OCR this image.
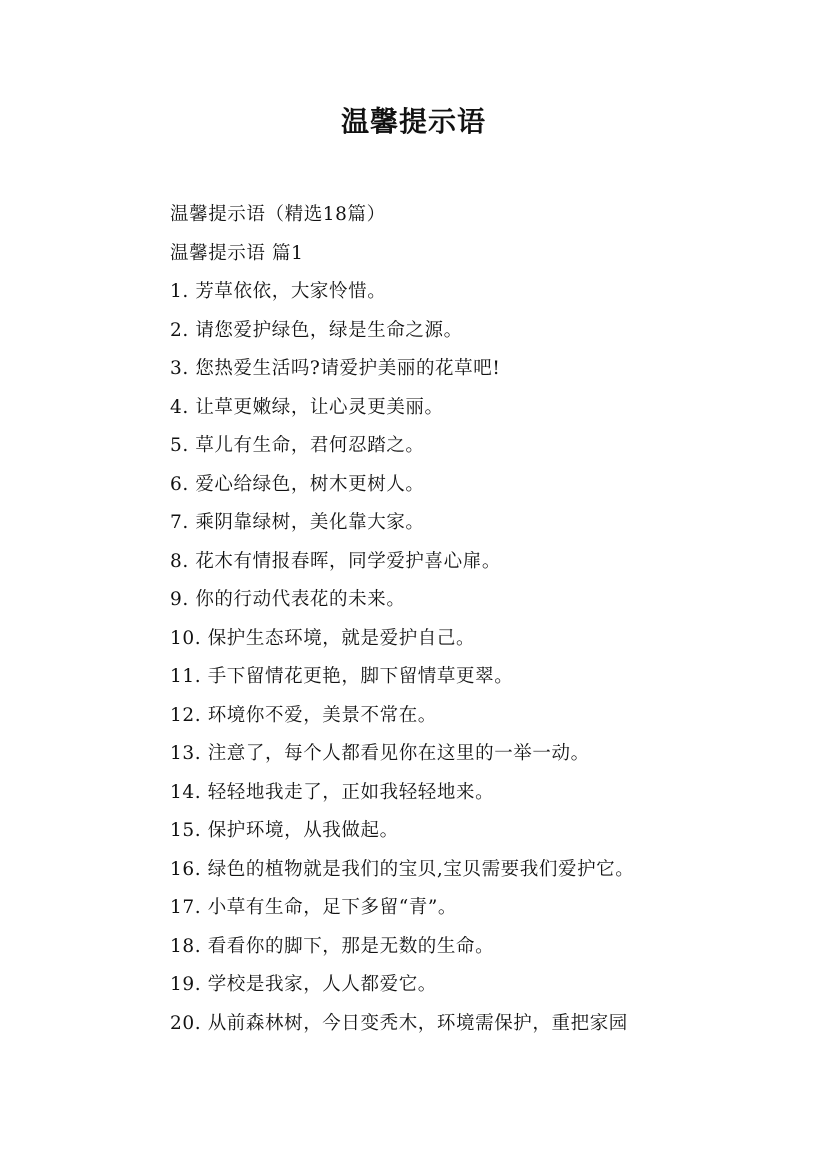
温馨提示语
温馨提示语（精选18篇）
温馨提示语 篇1
1. 芳草依依，大家怜惜。
2. 请您爱护绿色，绿是生命之源。
3. 您热爱生活吗?请爱护美丽的花草吧!
4. 让草更嫩绿，让心灵更美丽。
5. 草儿有生命，君何忍踏之。
6. 爱心给绿色，树木更树人。
7. 乘阴靠绿树，美化靠大家。
8. 花木有情报春晖，同学爱护喜心扉。
9. 你的行动代表花的未来。
10. 保护生态环境，就是爱护自己。
11. 手下留情花更艳，脚下留情草更翠。
12. 环境你不爱，美景不常在。
13. 注意了，每个人都看见你在这里的一举一动。
14. 轻轻地我走了，正如我轻轻地来。
15. 保护环境，从我做起。
16. 绿色的植物就是我们的宝贝,宝贝需要我们爱护它。
17. 小草有生命，足下多留“青”。
18. 看看你的脚下，那是无数的生命。
19. 学校是我家，人人都爱它。
20. 从前森林树，今日变秃木，环境需保护，重把家园
